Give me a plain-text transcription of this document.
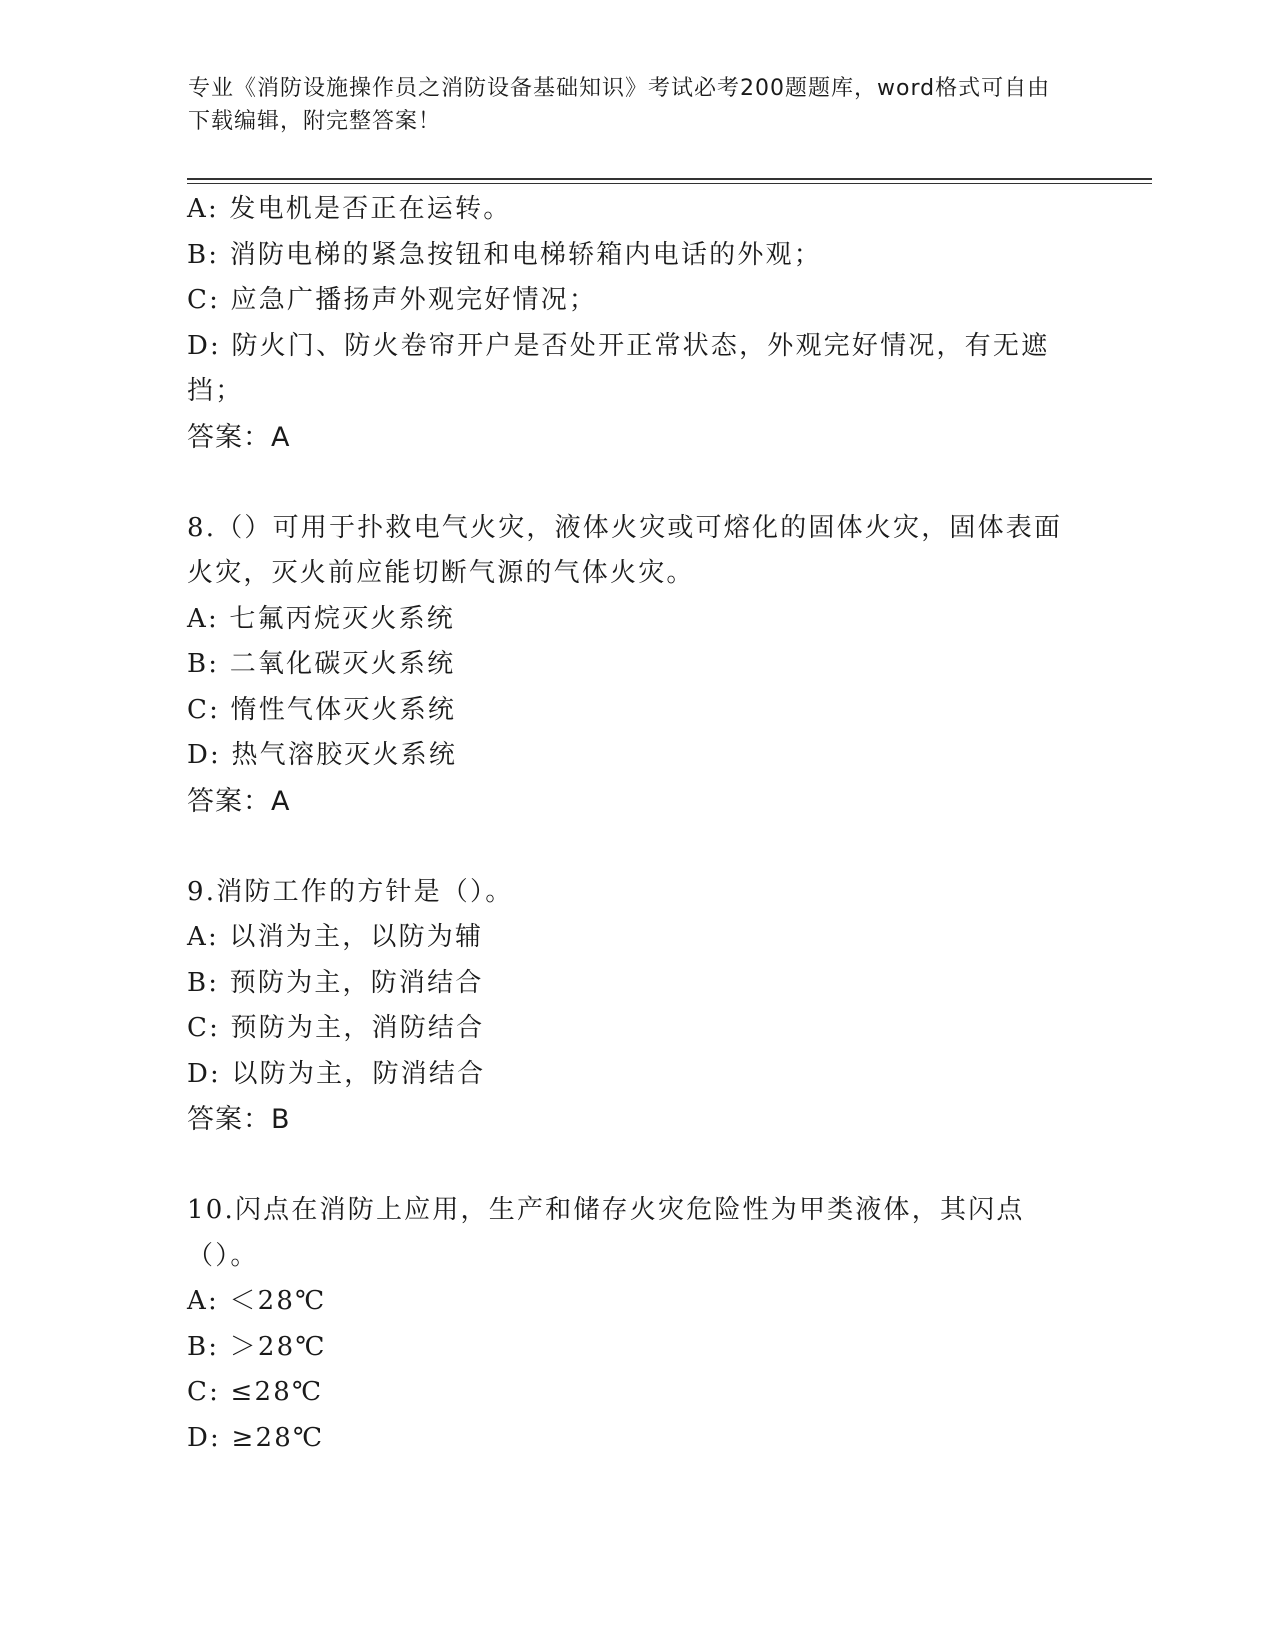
专业《消防设施操作员之消防设备基础知识》考试必考200题题库，word格式可自由下载编辑，附完整答案！
A: 发电机是否正在运转。
B: 消防电梯的紧急按钮和电梯轿箱内电话的外观；
C: 应急广播扬声外观完好情况；
D: 防火门、防火卷帘开户是否处开正常状态，外观完好情况，有无遮挡；
答案：A
8.（）可用于扑救电气火灾，液体火灾或可熔化的固体火灾，固体表面火灾，灭火前应能切断气源的气体火灾。
A: 七氟丙烷灭火系统
B: 二氧化碳灭火系统
C: 惰性气体灭火系统
D: 热气溶胶灭火系统
答案：A
9.消防工作的方针是（）。
A: 以消为主，以防为辅
B: 预防为主，防消结合
C: 预防为主，消防结合
D: 以防为主，防消结合
答案：B
10.闪点在消防上应用，生产和储存火灾危险性为甲类液体，其闪点（）。
A: ＜28℃
B: ＞28℃
C: ≤28℃
D: ≥28℃
